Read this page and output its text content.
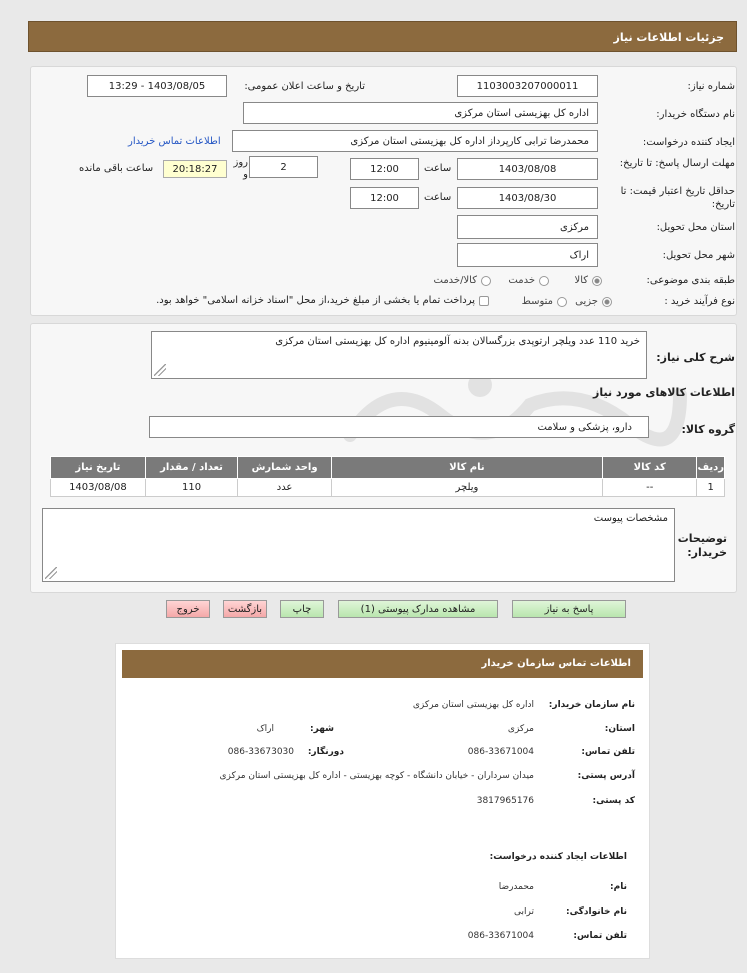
جزئیات اطلاعات نیاز
شماره نیاز:
1103003207000011
تاریخ و ساعت اعلان عمومی:
1403/08/05 - 13:29
نام دستگاه خریدار:
اداره کل بهزیستی استان مرکزی
ایجاد کننده درخواست:
محمدرضا ترابی کارپرداز اداره کل بهزیستی استان مرکزی
اطلاعات تماس خریدار
مهلت ارسال پاسخ: تا تاریخ:
1403/08/08
ساعت
12:00
2
روز و
20:18:27
ساعت باقی مانده
حداقل تاریخ اعتبار قیمت: تا تاریخ:
1403/08/30
ساعت
12:00
استان محل تحویل:
مرکزی
شهر محل تحویل:
اراک
طبقه بندی موضوعی:
کالا
خدمت
کالا/خدمت
نوع فرآیند خرید :
جزیی
متوسط
پرداخت تمام یا بخشی از مبلغ خرید،از محل "اسناد خزانه اسلامی" خواهد بود.
شرح کلی نیاز:
خرید 110 عدد ویلچر ارتوپدی بزرگسالان بدنه آلومینیوم اداره کل بهزیستی استان مرکزی
اطلاعات کالاهای مورد نیاز
گروه کالا:
دارو، پزشکی و سلامت
ردیف	کد کالا	نام کالا	واحد شمارش	تعداد / مقدار	تاریخ نیاز
1	--	ویلچر	عدد	110	1403/08/08
توضیحات خریدار:
مشخصات پیوست
پاسخ به نیاز
مشاهده مدارک پیوستی (1)
چاپ
بازگشت
خروج
اطلاعات تماس سازمان خریدار
نام سازمان خریدار:
اداره کل بهزیستی استان مرکزی
استان:
مرکزی
شهر:
اراک
تلفن تماس:
086-33671004
دورنگار:
086-33673030
آدرس پستی:
میدان سرداران - خیابان دانشگاه - کوچه بهزیستی - اداره کل بهزیستی استان مرکزی
کد پستی:
3817965176
اطلاعات ایجاد کننده درخواست:
نام:
محمدرضا
نام خانوادگی:
ترابی
تلفن تماس:
086-33671004
